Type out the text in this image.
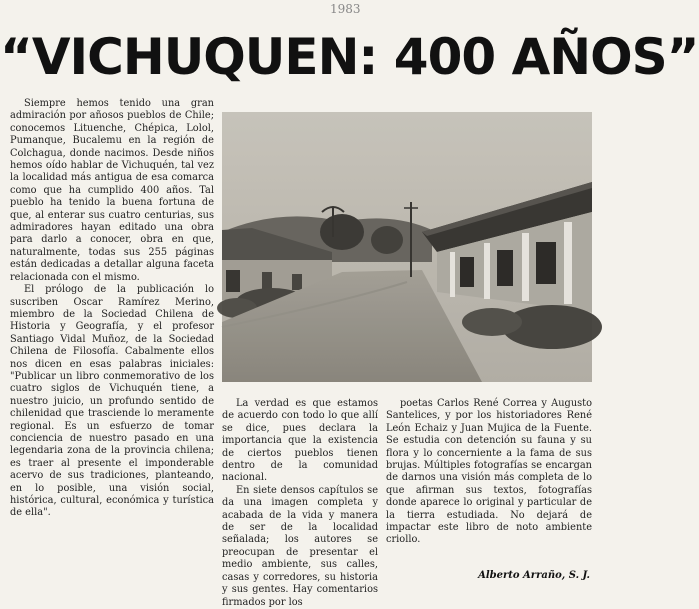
1983
“VICHUQUEN: 400 AÑOS”

Siempre hemos tenido una gran admiración por añosos pueblos de Chile; conocemos Lituenche, Chépica, Lolol, Pumanque, Bucalemu en la región de Colchagua, donde nacimos. Desde niños hemos oído hablar de Vichuquén, tal vez la localidad más antigua de esa comarca como que ha cumplido 400 años. Tal pueblo ha tenido la buena fortuna de que, al enterar sus cuatro centurias, sus admiradores hayan editado una obra para darlo a conocer, obra en que, naturalmente, todas sus 255 páginas están dedicadas a detallar alguna faceta relacionada con el mismo.

El prólogo de la publicación lo suscriben Oscar Ramírez Merino, miembro de la Sociedad Chilena de Historia y Geografía, y el profesor Santiago Vidal Muñoz, de la Sociedad Chilena de Filosofía. Cabalmente ellos nos dicen en esas palabras iniciales: "Publicar un libro conmemorativo de los cuatro siglos de Vichuquén tiene, a nuestro juicio, un profundo sentido de chilenidad que trasciende lo meramente regional. Es un esfuerzo de tomar conciencia de nuestro pasado en una legendaria zona de la provincia chilena; es traer al presente el imponderable acervo de sus tradiciones, planteando, en lo posible, una visión social, histórica, cultural, económica y turística de ella".

La verdad es que estamos de acuerdo con todo lo que allí se dice, pues declara la importancia que la existencia de ciertos pueblos tienen dentro de la comunidad nacional.

En siete densos capítulos se da una imagen completa y acabada de la vida y manera de ser de la localidad señalada; los autores se preocupan de presentar el medio ambiente, sus calles, casas y corredores, su historia y sus gentes. Hay comentarios firmados por los

poetas Carlos René Correa y Augusto Santelices, y por los historiadores René León Echaiz y Juan Mujica de la Fuente. Se estudia con detención su fauna y su flora y lo concerniente a la fama de sus brujas. Múltiples fotografías se encargan de darnos una visión más completa de lo que afirman sus textos, fotografías donde aparece lo original y particular de la tierra estudiada. No dejará de impactar este libro de noto ambiente criollo.

Alberto Arraño, S. J.
